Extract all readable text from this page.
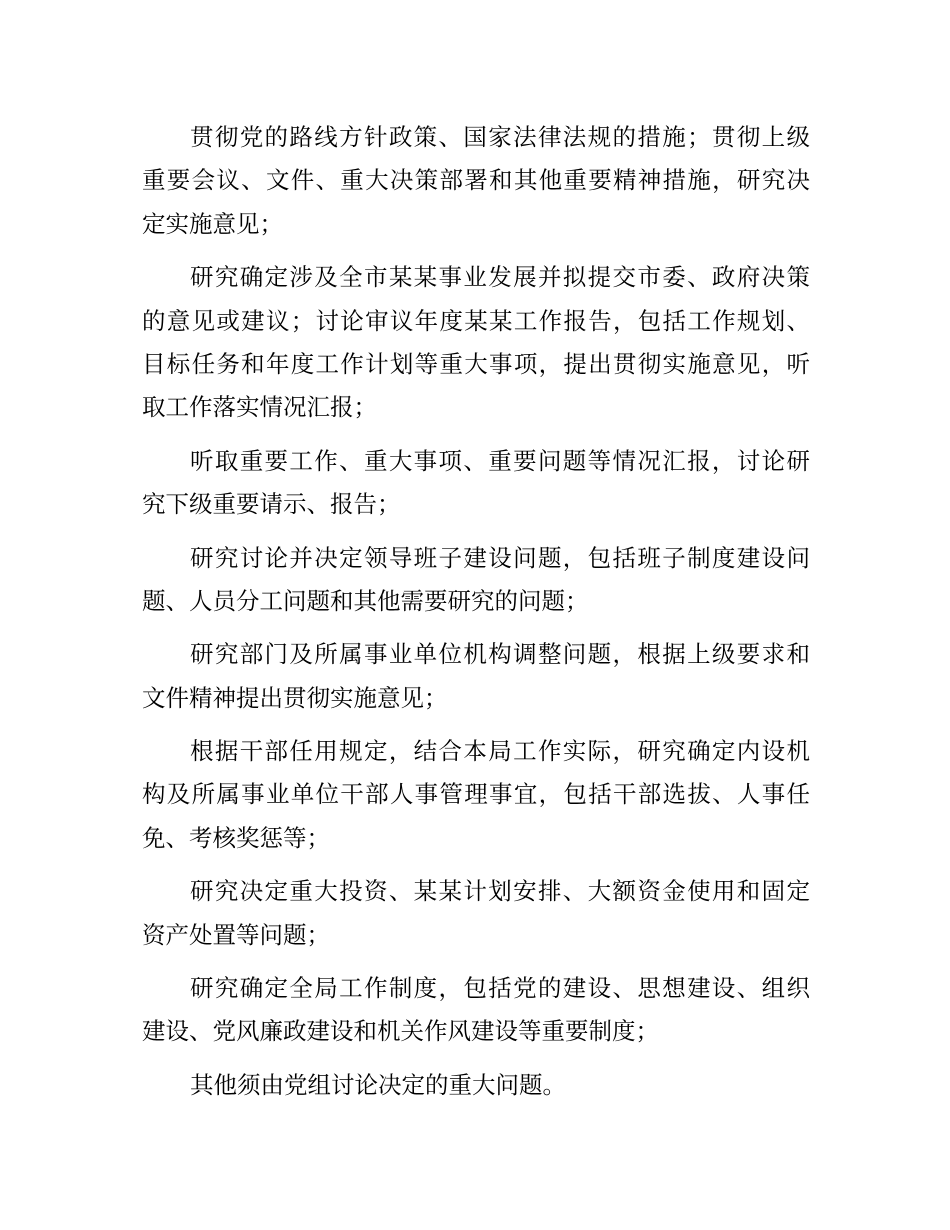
贯彻党的路线方针政策、国家法律法规的措施；贯彻上级
重要会议、文件、重大决策部署和其他重要精神措施，研究决
定实施意见；
研究确定涉及全市某某事业发展并拟提交市委、政府决策
的意见或建议；讨论审议年度某某工作报告，包括工作规划、
目标任务和年度工作计划等重大事项，提出贯彻实施意见，听
取工作落实情况汇报；
听取重要工作、重大事项、重要问题等情况汇报，讨论研
究下级重要请示、报告；
研究讨论并决定领导班子建设问题，包括班子制度建设问
题、人员分工问题和其他需要研究的问题；
研究部门及所属事业单位机构调整问题，根据上级要求和
文件精神提出贯彻实施意见；
根据干部任用规定，结合本局工作实际，研究确定内设机
构及所属事业单位干部人事管理事宜，包括干部选拔、人事任
免、考核奖惩等；
研究决定重大投资、某某计划安排、大额资金使用和固定
资产处置等问题；
研究确定全局工作制度，包括党的建设、思想建设、组织
建设、党风廉政建设和机关作风建设等重要制度；
其他须由党组讨论决定的重大问题。
